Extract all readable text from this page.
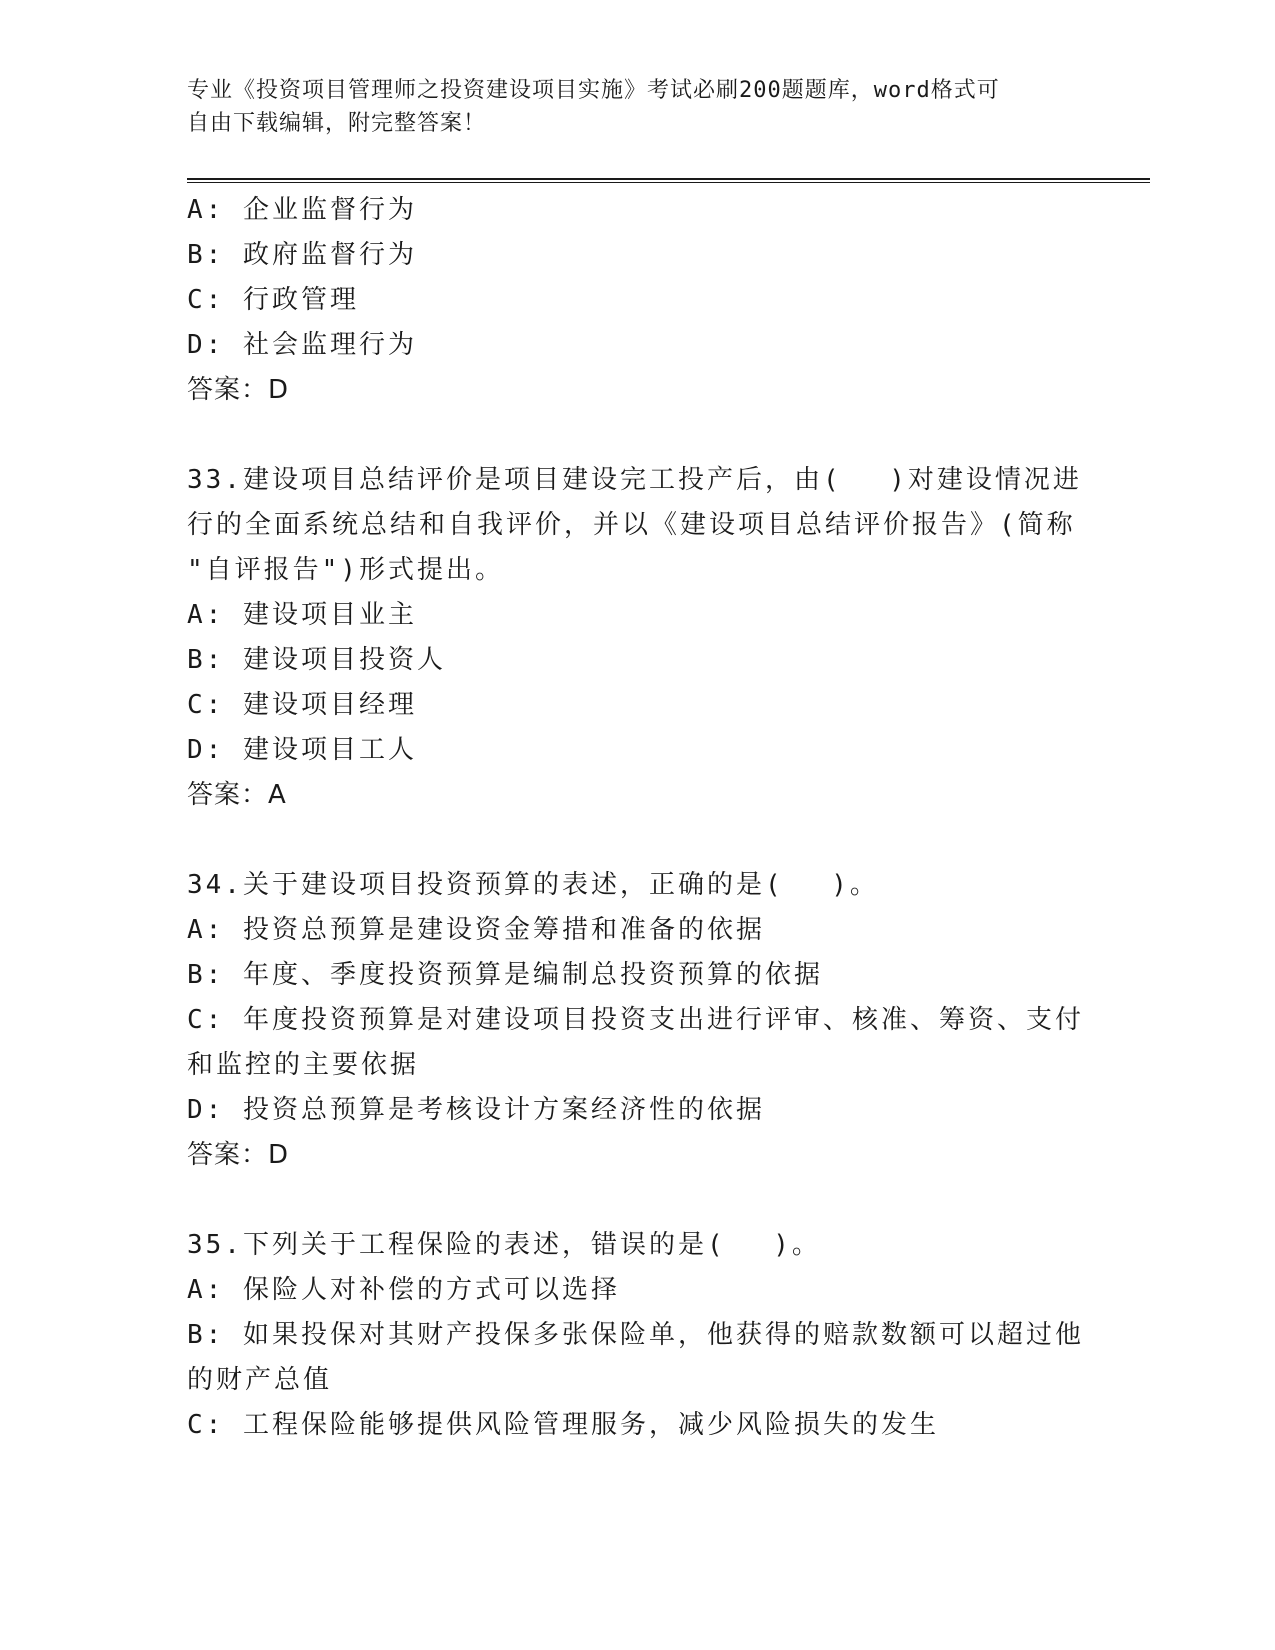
专业《投资项目管理师之投资建设项目实施》考试必刷200题题库，word格式可
自由下载编辑，附完整答案！
A: 企业监督行为
B: 政府监督行为
C: 行政管理
D: 社会监理行为
答案：D
33.建设项目总结评价是项目建设完工投产后，由(　 )对建设情况进
行的全面系统总结和自我评价，并以《建设项目总结评价报告》(简称
"自评报告")形式提出。
A: 建设项目业主
B: 建设项目投资人
C: 建设项目经理
D: 建设项目工人
答案：A
34.关于建设项目投资预算的表述，正确的是(　 )。
A: 投资总预算是建设资金筹措和准备的依据
B: 年度、季度投资预算是编制总投资预算的依据
C: 年度投资预算是对建设项目投资支出进行评审、核准、筹资、支付
和监控的主要依据
D: 投资总预算是考核设计方案经济性的依据
答案：D
35.下列关于工程保险的表述，错误的是(　 )。
A: 保险人对补偿的方式可以选择
B: 如果投保对其财产投保多张保险单，他获得的赔款数额可以超过他
的财产总值
C: 工程保险能够提供风险管理服务，减少风险损失的发生
